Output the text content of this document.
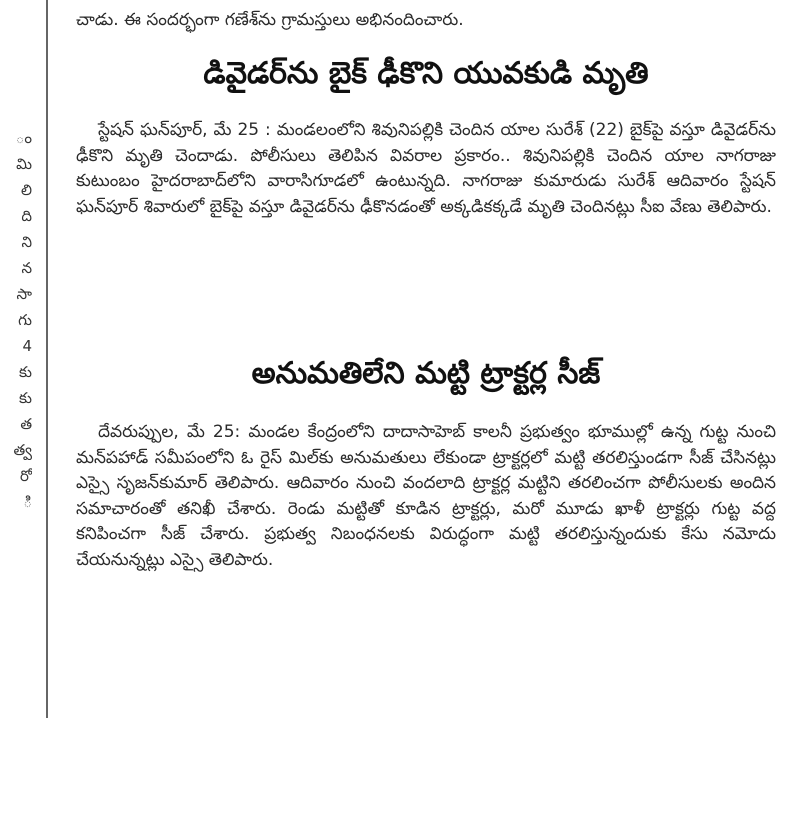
ం
మి
లి
ది
ని
న
సా
గు
4
కు
కు
త
త్వ
రో
ి
చాడు. ఈ సందర్భంగా గణేశ్‌ను గ్రామస్తులు అభినందించారు.
డివైడర్‌ను బైక్ ఢీకొని యువకుడి మృతి

స్టేషన్ ఘన్‌పూర్, మే 25 : మండలంలోని శివునిపల్లికి చెందిన యాల సురేశ్ (22) బైక్‌పై వస్తూ డివైడర్‌ను ఢీకొని మృతి చెందాడు. పోలీసులు తెలిపిన వివరాల ప్రకారం.. శివునిపల్లికి చెందిన యాల నాగరాజు కుటుంబం హైదరాబాద్‌లోని వారాసిగూడలో ఉంటున్నది. నాగరాజు కుమారుడు సురేశ్ ఆదివారం స్టేషన్ ఘన్‌పూర్ శివారులో బైక్‌పై వస్తూ డివైడర్‌ను ఢీకొనడంతో అక్కడికక్కడే మృతి చెందినట్లు సీఐ వేణు తెలిపారు.

అనుమతిలేని మట్టి ట్రాక్టర్ల సీజ్

దేవరుప్పుల, మే 25: మండల కేంద్రంలోని దాదాసాహెబ్ కాలనీ ప్రభుత్వం భూముల్లో ఉన్న గుట్ట నుంచి మన్‌పహాడ్ సమీపంలోని ఓ రైస్ మిల్‌కు అనుమతులు లేకుండా ట్రాక్టర్లలో మట్టి తరలిస్తుండగా సీజ్ చేసినట్లు ఎస్సై సృజన్‌కుమార్ తెలిపారు. ఆదివారం నుంచి వందలాది ట్రాక్టర్ల మట్టిని తరలించగా పోలీసులకు అందిన సమాచారంతో తనిఖీ చేశారు. రెండు మట్టితో కూడిన ట్రాక్టర్లు, మరో మూడు ఖాళీ ట్రాక్టర్లు గుట్ట వద్ద కనిపించగా సీజ్ చేశారు. ప్రభుత్వ నిబంధనలకు విరుద్ధంగా మట్టి తరలిస్తున్నందుకు కేసు నమోదు చేయనున్నట్లు ఎస్సై తెలిపారు.
